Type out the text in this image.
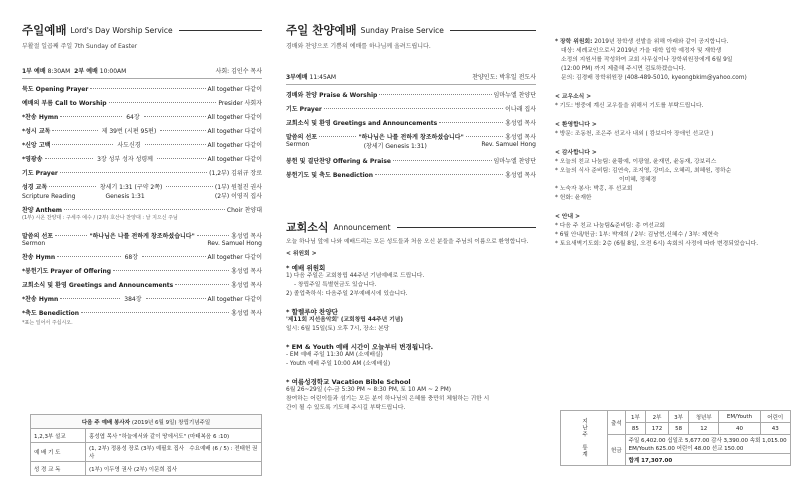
주일예배 Lord's Day Worship Service
부활절 일곱째 주일 7th Sunday of Easter
1부 예배
8:30AM
2부 예배
10:00AM	사회: 김인수 목사
묵도 Opening Prayer	All together 다같이
예배의 부름 Call to Worship	Presider 사회자
*찬송 Hymn	64장	All together 다같이
*성시 교독	제 39번 (시편 95편)	All together 다같이
*신앙 고백	사도신경	All together 다같이
*영광송	3장 성부 성자 성령께	All together 다같이
기도 Prayer	(1,2부) 김위규 장로
성경 교독	창세기 1:31 (구약 2쪽)	(1부) 원철진 권사
Scripture Reading	Genesis 1:31	(2부) 이영직 집사
찬양 Anthem	Choir 찬양대
(1부) 시온 찬양대 : 구세주 예수 / (2부) 호산나 찬양대 : 날 지으신 주님
말씀의 선포	"하나님은 나를 전하게 창조하셨습니다"	홍성엽 목사
Sermon	Rev. Samuel Hong
찬송 Hymn	68장	All together 다같이
*봉헌기도 Prayer of Offering	홍성엽 목사
교회소식 및 환영 Greetings and Announcements	홍성엽 목사
*찬송 Hymn	384장	All together 다같이
*축도 Benediction	홍성엽 목사
*표는 일어서 주십시오.
다음 주 예배 봉사자 (2019년 6월 9일) 창립기념주일	
1,2,3부 설교	홍성엽 목사 "하늘에서와 같이 땅에서도" (마태복음 6 :10)
예 배 기 도	(1, 2부) 정용성 장로 (3부) 예필호 집사 수요예배 (6 / 5) : 전태헌 권사
성 경 교 독	(1부) 이두영 권사 (2부) 이문희 집사
주일 찬양예배 Sunday Praise Service
경배와 찬양으로 기쁨의 예배를 하나님께 올려드립니다.
3부예배
11:45AM	찬양인도: 박후일 전도사
경배와 찬양 Praise & Worship	임마누엘 찬양단
기도 Prayer	이나래 집사
교회소식 및 환영 Greetings and Announcements	홍성엽 목사
말씀의 선포	"하나님은 나를 전하게 창조하셨습니다"	홍성엽 목사
Sermon	(창세기 Genesis 1:31)	Rev. Samuel Hong
봉헌 및 결단찬양 Offering & Praise	임마누엘 찬양단
봉헌기도 및 축도 Benediction	홍성엽 목사
교회소식 Announcement
오늘 하나님 앞에 나와 예배드리는 모든 성도들과 처음 오신 분들을 주님의 이름으로 환영합니다.
< 위원회 >
* 예배 위원회
1) 다음 주일은 교회창립 44주년 기념예배로 드립니다.
- 창립주일 특별헌금도 있습니다.
2) 졸업축하식: 다음주일 2부예배시에 있습니다.
* 할렐루야 찬양단
'제11회 지선음악회' (교회창립 44주년 기념)
일시: 6월 15일(토) 오후 7시, 장소: 본당
* EM & Youth 예배 시간이 오늘부터 변경됩니다.
- EM 예배 주일 11:30 AM (소예배실)
- Youth 예배 주일 10:00 AM (소예배실)
* 여름성경학교 Vacation Bible School
6월 26~29일 (수-금 5:30 PM ~ 8:30 PM, 토 10 AM ~ 2 PM)
참여하는 어린이들과 섬기는 모든 분이 하나님의 은혜를 충만히 체험하는 귀한 시
간이 될 수 있도록 기도해 주시길 부탁드립니다.
* 장학 위원회: 2019년 장학생 선발을 위해 아래와 같이 공지합니다.
대상: 세례교인으로서 2019년 가을 대학 입학 예정자 및 재학생
소정의 지원서를 작성하여 교회 사무실이나 장학위원장에게 6월 9일
(12:00 PM) 까지 제출해 주시면 검토하겠습니다.
문의: 김경배 장학위원장 (408-489-5010, kyeongbkim@yahoo.com)
< 교우소식 >
* 기도: 병중에 계신 교우들을 위해서 기도를 부탁드립니다.
< 환영합니다 >
* 방문: 조동천, 조은주 선교사 내외 ( 캄보디아 장애인 선교단 )
< 감사합니다 >
* 오늘의 친교 나눔팀: 윤황예, 이광열, 윤재민, 윤동재, 강보리스
* 오늘의 식사 준비팀: 김연숙, 조지영, 강미소, 오혜리, 최혜원, 정하순
이미혜, 정혜경
* 노숙자 봉사: 박홍, 푸 선교회
* 헌화: 윤재한
< 안내 >
* 다음 주 친교 나눔팀&준비팀: 총 여선교회
* 6월 안내/헌금: 1부: 박재희 / 2부: 김남현,신혜수 / 3부: 제현숙
* 토요새벽기도회: 2층 (6월 8일, 오전 6시) 속회의 사정에 따라 변경되었습니다.
지난주 통계	출석	1부	2부	3부	청년부	EM/Youth	어린이
		85	172	58	12	40	43
	헌금	주일 6,402.00 십일조 5,677.00 감사 3,390.00 속회 1,015.00
EM/Youth 625.00 어린이 48.00 선교 150.00					

		합계 17,307.00					
